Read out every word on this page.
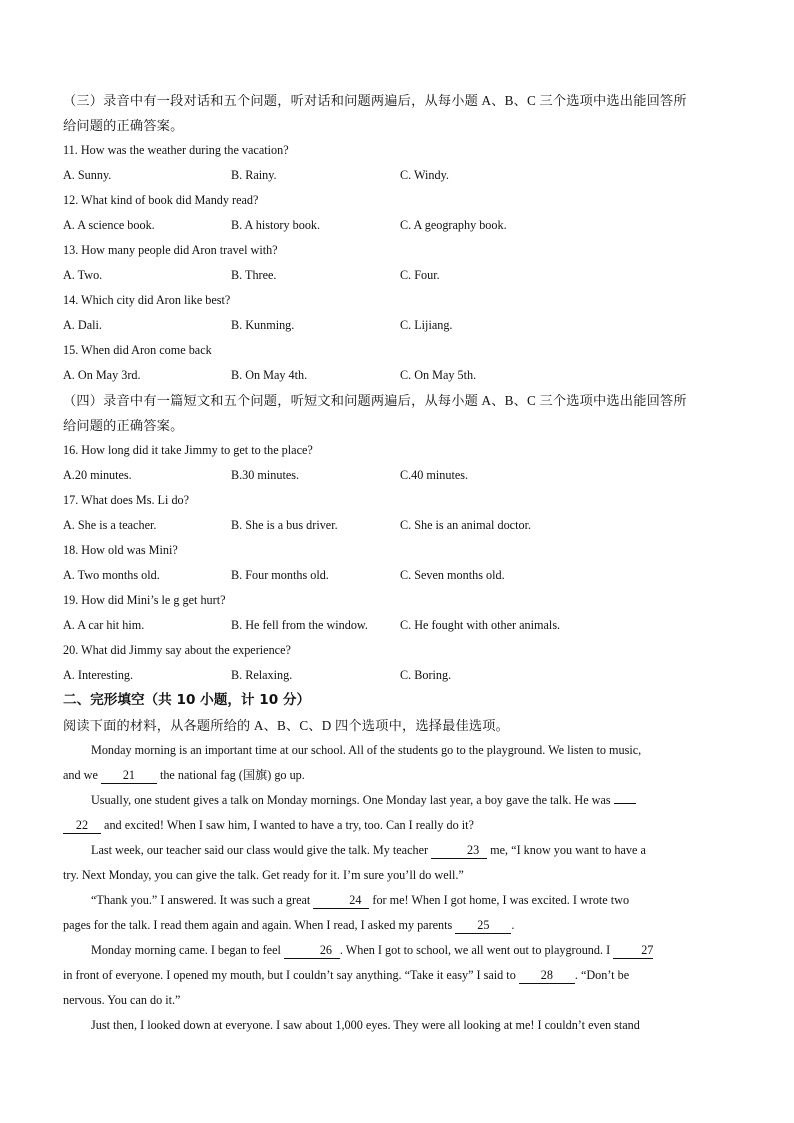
（三）录音中有一段对话和五个问题，听对话和问题两遍后，从每小题 A、B、C 三个选项中选出能回答所
给问题的正确答案。
11. How was the weather during the vacation?
A. Sunny.	B. Rainy.	C. Windy.
12. What kind of book did Mandy read?
A. A science book.	B. A history book.	C. A geography book.
13. How many people did Aron travel with?
A. Two.	B. Three.	C. Four.
14. Which city did Aron like best?
A. Dali.	B. Kunming.	C. Lijiang.
15. When did Aron come back
A. On May 3rd.	B. On May 4th.	C. On May 5th.
（四）录音中有一篇短文和五个问题，听短文和问题两遍后，从每小题 A、B、C 三个选项中选出能回答所
给问题的正确答案。
16. How long did it take Jimmy to get to the place?
A.20 minutes.	B.30 minutes.	C.40 minutes.
17. What does Ms. Li do?
A. She is a teacher.	B. She is a bus driver.	C. She is an animal doctor.
18. How old was Mini?
A. Two months old.	B. Four months old.	C. Seven months old.
19. How did Mini’s le g get hurt?
A. A car hit him.	B. He fell from the window.	C. He fought with other animals.
20. What did Jimmy say about the experience?
A. Interesting.	B. Relaxing.	C. Boring.
二、完形填空（共 10 小题，计 10 分）
阅读下面的材料，从各题所给的 A、B、C、D 四个选项中，选择最佳选项。
Monday morning is an important time at our school. All of the students go to the playground. We listen to music,
and we 21 the national fag (国旗) go up.
Usually, one student gives a talk on Monday mornings. One Monday last year, a boy gave the talk. He was
22 and excited! When I saw him, I wanted to have a try, too. Can I really do it?
Last week, our teacher said our class would give the talk. My teacher	23 me, “I know you want to have a
try. Next Monday, you can give the talk. Get ready for it. I’m sure you’ll do well.”
“Thank you.” I answered. It was such a great	24 for me! When I got home, I was excited. I wrote two
pages for the talk. I read them again and again. When I read, I asked my parents 25 .
Monday morning came. I began to feel	26 . When I got to school, we all went out to playground. I 27
in front of everyone. I opened my mouth, but I couldn’t say anything. “Take it easy” I said to 28 . “Don’t be
nervous. You can do it.”
Just then, I looked down at everyone. I saw about 1,000 eyes. They were all looking at me! I couldn’t even stand
